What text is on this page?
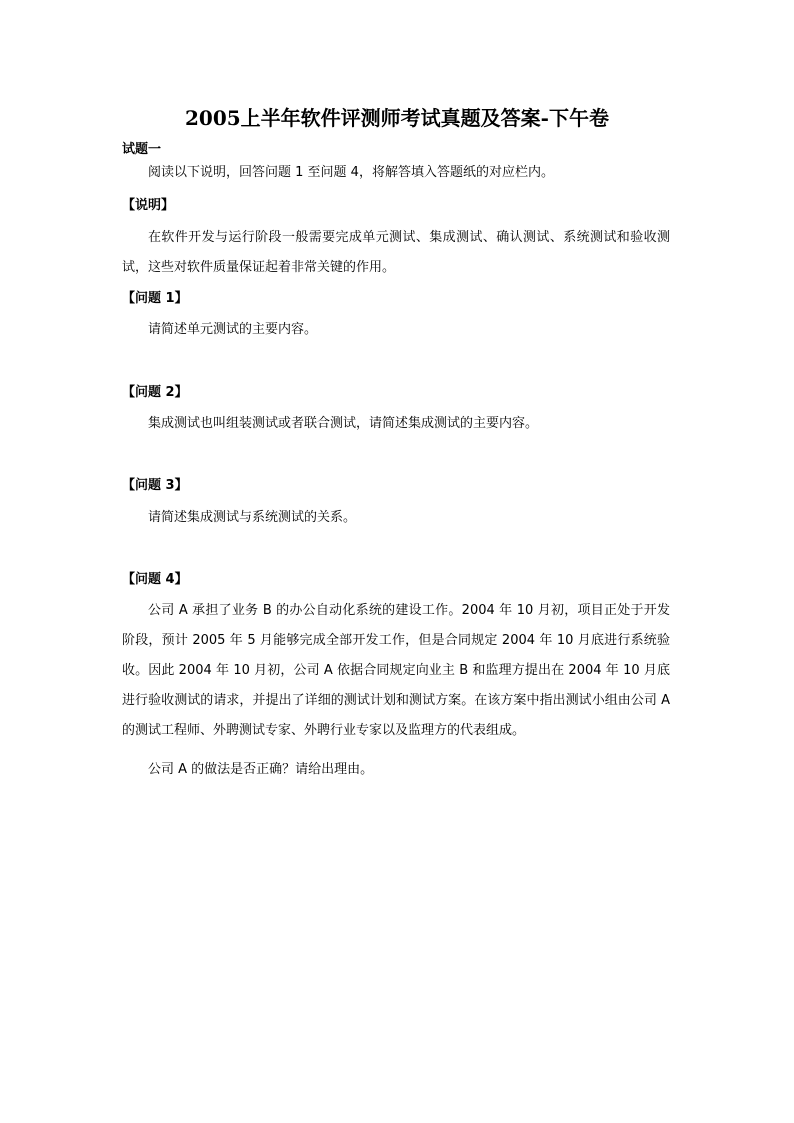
2005上半年软件评测师考试真题及答案-下午卷
试题一

阅读以下说明，回答问题 1 至问题 4，将解答填入答题纸的对应栏内。

【说明】

在软件开发与运行阶段一般需要完成单元测试、集成测试、确认测试、系统测试和验收测试，这些对软件质量保证起着非常关键的作用。

【问题 1】

请简述单元测试的主要内容。

【问题 2】

集成测试也叫组装测试或者联合测试，请简述集成测试的主要内容。

【问题 3】

请简述集成测试与系统测试的关系。

【问题 4】

公司 A 承担了业务 B 的办公自动化系统的建设工作。2004 年 10 月初，项目正处于开发阶段，预计 2005 年 5 月能够完成全部开发工作，但是合同规定 2004 年 10 月底进行系统验收。因此 2004 年 10 月初，公司 A 依据合同规定向业主 B 和监理方提出在 2004 年 10 月底进行验收测试的请求，并提出了详细的测试计划和测试方案。在该方案中指出测试小组由公司 A 的测试工程师、外聘测试专家、外聘行业专家以及监理方的代表组成。

公司 A 的做法是否正确？请给出理由。
